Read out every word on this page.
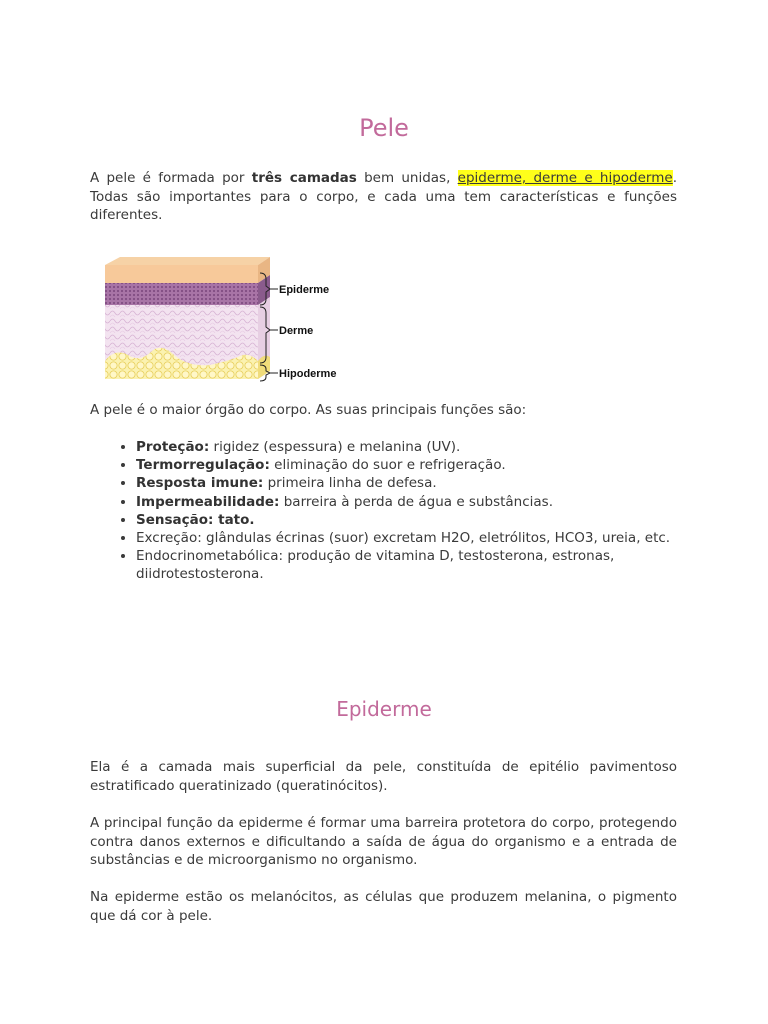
Pele

A pele é formada por três camadas bem unidas, epiderme, derme e hipoderme. Todas são importantes para o corpo, e cada uma tem características e funções diferentes.

Epiderme
Derme
Hipoderme

A pele é o maior órgão do corpo. As suas principais funções são:

• Proteção: rigidez (espessura) e melanina (UV).
• Termorregulação: eliminação do suor e refrigeração.
• Resposta imune: primeira linha de defesa.
• Impermeabilidade: barreira à perda de água e substâncias.
• Sensação: tato.
• Excreção: glândulas écrinas (suor) excretam H2O, eletrólitos, HCO3, ureia, etc.
• Endocrinometabólica: produção de vitamina D, testosterona, estronas, diidrotestosterona.
Epiderme

Ela é a camada mais superficial da pele, constituída de epitélio pavimentoso estratificado queratinizado (queratinócitos).

A principal função da epiderme é formar uma barreira protetora do corpo, protegendo contra danos externos e dificultando a saída de água do organismo e a entrada de substâncias e de microorganismo no organismo.

Na epiderme estão os melanócitos, as células que produzem melanina, o pigmento que dá cor à pele.
